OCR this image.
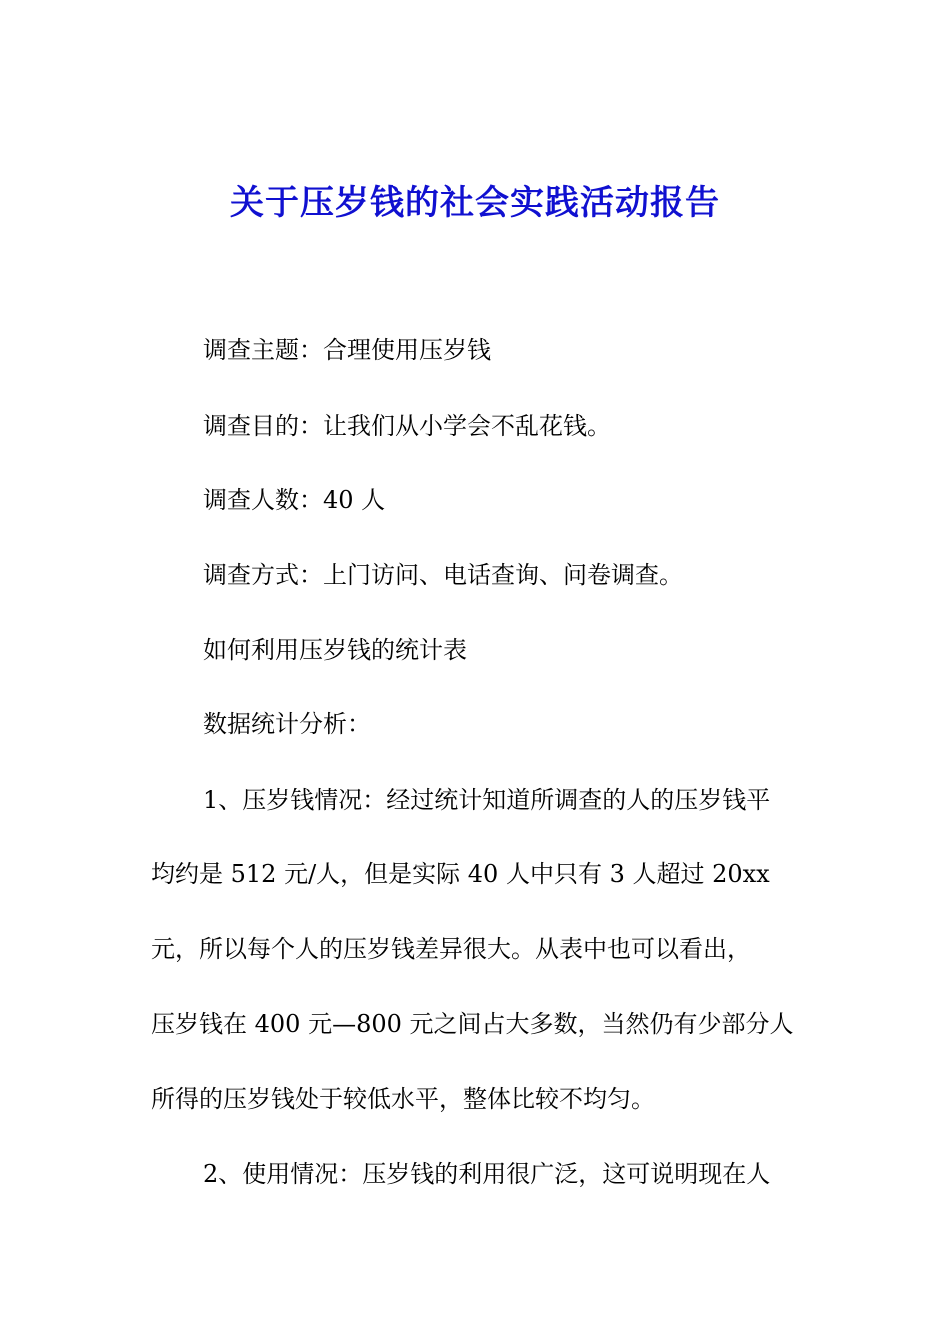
关于压岁钱的社会实践活动报告
调查主题：合理使用压岁钱
调查目的：让我们从小学会不乱花钱。
调查人数：40 人
调查方式：上门访问、电话查询、问卷调查。
如何利用压岁钱的统计表
数据统计分析：
1、压岁钱情况：经过统计知道所调查的人的压岁钱平
均约是 512 元/人，但是实际 40 人中只有 3 人超过 20xx
元，所以每个人的压岁钱差异很大。从表中也可以看出，
压岁钱在 400 元—800 元之间占大多数，当然仍有少部分人
所得的压岁钱处于较低水平，整体比较不均匀。
2、使用情况：压岁钱的利用很广泛，这可说明现在人
